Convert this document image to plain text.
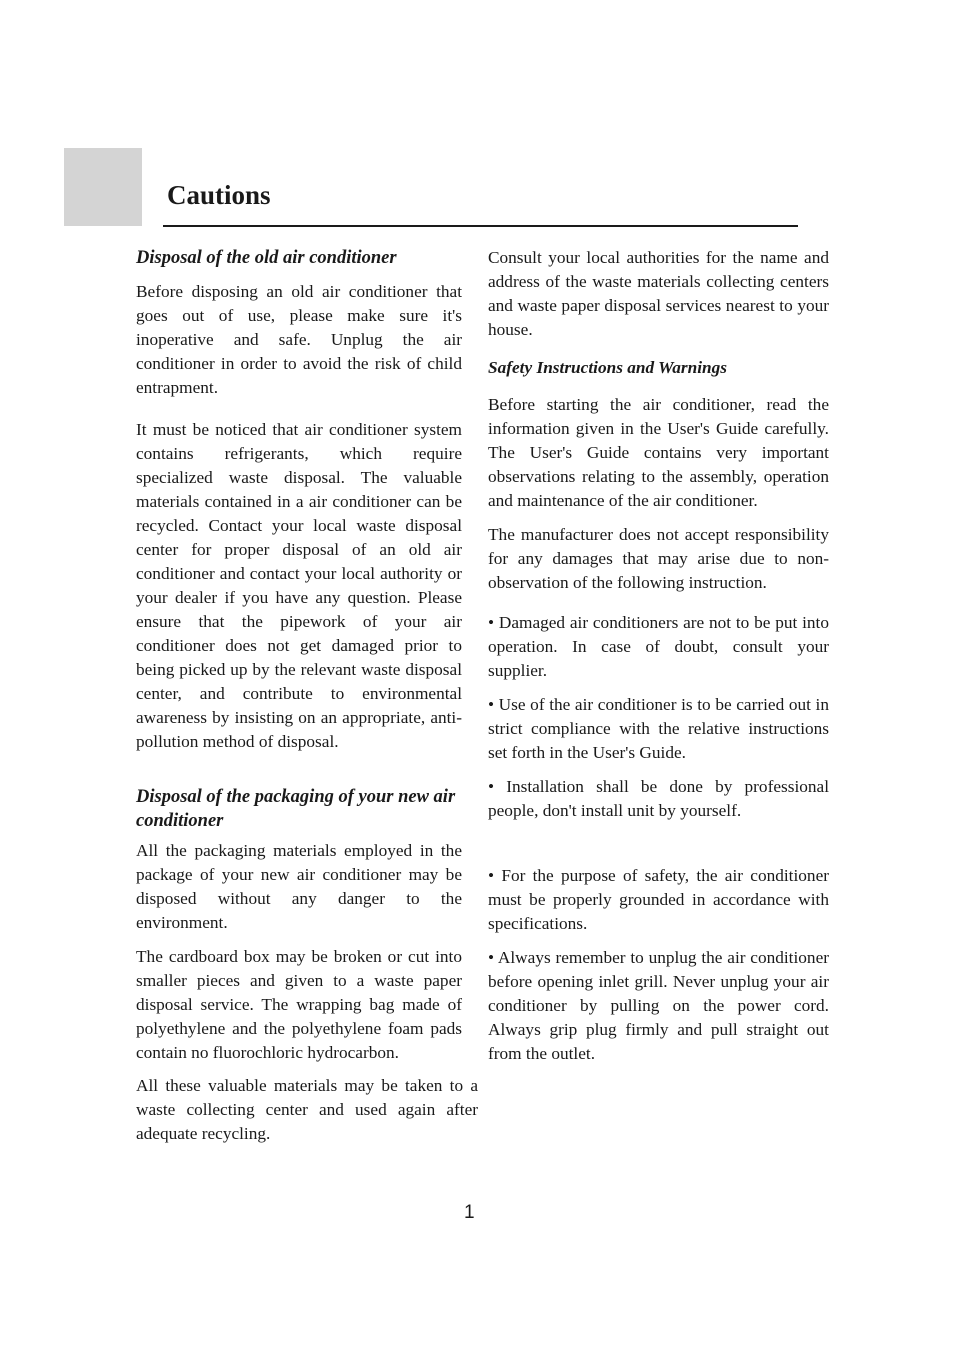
Cautions
Disposal of the old air conditioner

Before disposing an old air conditioner that goes out of use, please make sure it's inoperative and safe. Unplug the air conditioner in order to avoid the risk of child entrapment.

It must be noticed that air conditioner system contains refrigerants, which require specialized waste disposal. The valuable materials contained in a air conditioner can be recycled. Contact your local waste disposal center for proper disposal of an old air conditioner and contact your local authority or your dealer if you have any question. Please ensure that the pipework of your air conditioner does not get damaged prior to being picked up by the relevant waste disposal center, and contribute to environmental awareness by insisting on an appropriate, anti-pollution method of disposal.

Disposal of the packaging of your new air conditioner

All the packaging materials employed in the package of your new air conditioner may be disposed without any danger to the environment.

The cardboard box may be broken or cut into smaller pieces and given to a waste paper disposal service. The wrapping bag made of polyethylene and the polyethylene foam pads contain no fluorochloric hydrocarbon.

All these valuable materials may be taken to a waste collecting center and used again after adequate recycling.

Consult your local authorities for the name and address of the waste materials collecting centers and waste paper disposal services nearest to your house.

Safety Instructions and Warnings

Before starting the air conditioner, read the information given in the User's Guide carefully. The User's Guide contains very important observations relating to the assembly, operation and maintenance of the air conditioner.

The manufacturer does not accept responsibility for any damages that may arise due to non-observation of the following instruction.

• Damaged air conditioners are not to be put into operation. In case of doubt, consult your supplier.

• Use of the air conditioner is to be carried out in strict compliance with the relative instructions set forth in the User's Guide.

• Installation shall be done by professional people, don't install unit by yourself.

• For the purpose of safety, the air conditioner must be properly grounded in accordance with specifications.

• Always remember to unplug the air conditioner before opening inlet grill. Never unplug your air conditioner by pulling on the power cord. Always grip plug firmly and pull straight out from the outlet.

1
